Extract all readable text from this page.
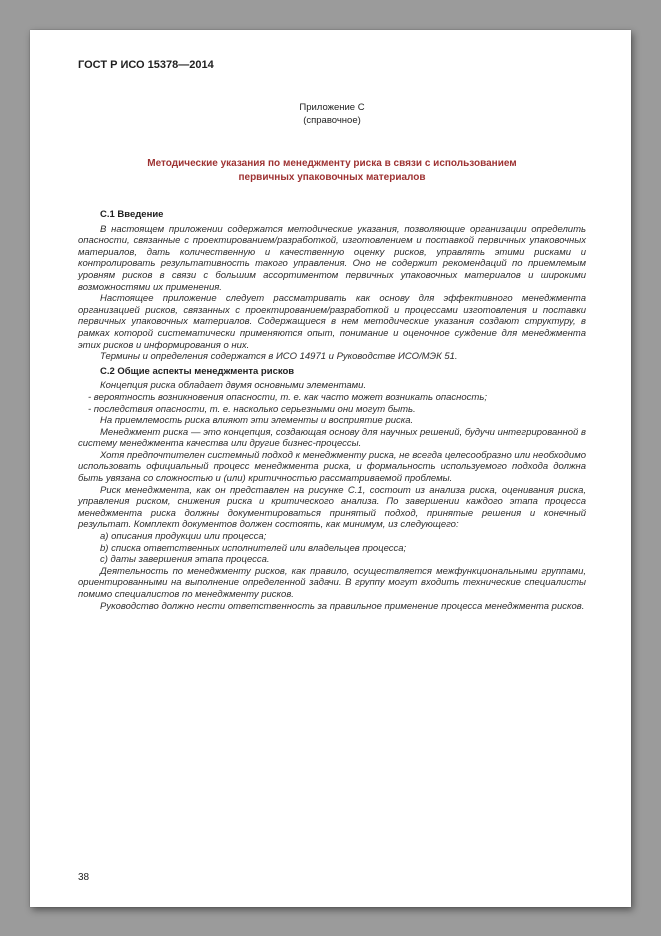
ГОСТ Р ИСО 15378—2014
Приложение С
(справочное)
Методические указания по менеджменту риска в связи с использованием
первичных упаковочных материалов

С.1 Введение

В настоящем приложении содержатся методические указания, позволяющие организации определить опасности, связанные с проектированием/разработкой, изготовлением и поставкой первичных упаковочных материалов, дать количественную и качественную оценку рисков, управлять этими рисками и контролировать результативность такого управления. Оно не содержит рекомендаций по приемлемым уровням рисков в связи с большим ассортиментом первичных упаковочных материалов и широкими возможностями их применения.

Настоящее приложение следует рассматривать как основу для эффективного менеджмента организацией рисков, связанных с проектированием/разработкой и процессами изготовления и поставки первичных упаковочных материалов. Содержащиеся в нем методические указания создают структуру, в рамках которой систематически применяются опыт, понимание и оценочное суждение для менеджмента этих рисков и информирования о них.

Термины и определения содержатся в ИСО 14971 и Руководстве ИСО/МЭК 51.

С.2 Общие аспекты менеджмента рисков

Концепция риска обладает двумя основными элементами.

- вероятность возникновения опасности, т. е. как часто может возникать опасность;

- последствия опасности, т. е. насколько серьезными они могут быть.

На приемлемость риска влияют эти элементы и восприятие риска.

Менеджмент риска — это концепция, создающая основу для научных решений, будучи интегрированной в систему менеджмента качества или другие бизнес-процессы.

Хотя предпочтителен системный подход к менеджменту риска, не всегда целесообразно или необходимо использовать официальный процесс менеджмента риска, и формальность используемого подхода должна быть увязана со сложностью и (или) критичностью рассматриваемой проблемы.

Риск менеджмента, как он представлен на рисунке С.1, состоит из анализа риска, оценивания риска, управления риском, снижения риска и критического анализа. По завершении каждого этапа процесса менеджмента риска должны документироваться принятый подход, принятые решения и конечный результат. Комплект документов должен состоять, как минимум, из следующего:

a) описания продукции или процесса;

b) списка ответственных исполнителей или владельцев процесса;

c) даты завершения этапа процесса.

Деятельность по менеджменту рисков, как правило, осуществляется межфункциональными группами, ориентированными на выполнение определенной задачи. В группу могут входить технические специалисты помимо специалистов по менеджменту рисков.

Руководство должно нести ответственность за правильное применение процесса менеджмента рисков.

38
